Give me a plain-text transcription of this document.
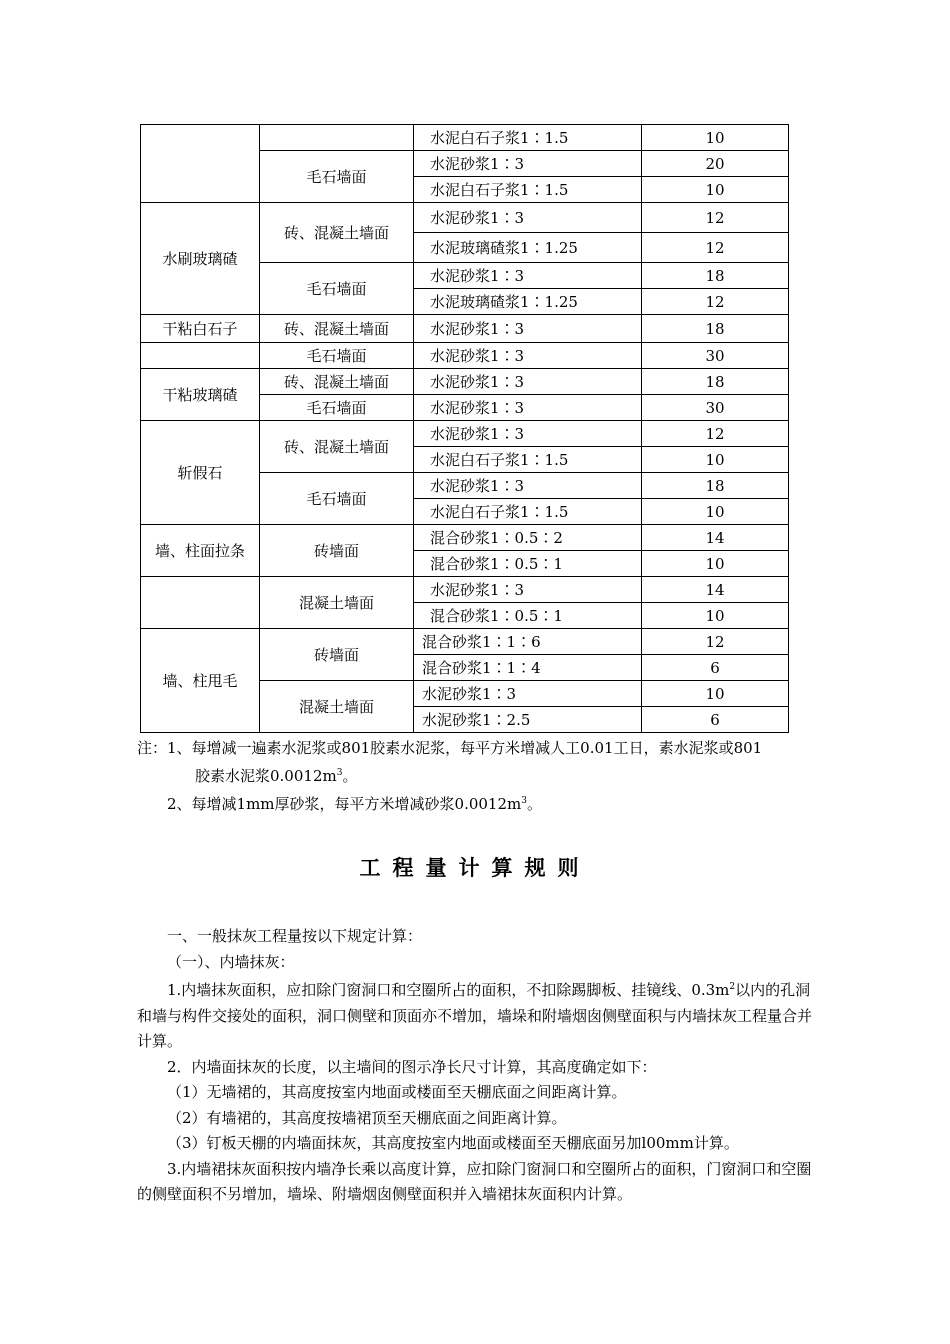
		水泥白石子浆1∶1.5	10
	毛石墙面	水泥砂浆1∶3	20
		水泥白石子浆1∶1.5	10
水刷玻璃碴	砖、混凝土墙面	水泥砂浆1∶3	12
		水泥玻璃碴浆1∶1.25	12
	毛石墙面	水泥砂浆1∶3	18
		水泥玻璃碴浆1∶1.25	12
干粘白石子	砖、混凝土墙面	水泥砂浆1∶3	18
	毛石墙面	水泥砂浆1∶3	30
干粘玻璃碴	砖、混凝土墙面	水泥砂浆1∶3	18
	毛石墙面	水泥砂浆1∶3	30
斩假石	砖、混凝土墙面	水泥砂浆1∶3	12
		水泥白石子浆1∶1.5	10
	毛石墙面	水泥砂浆1∶3	18
		水泥白石子浆1∶1.5	10
墙、柱面拉条	砖墙面	混合砂浆1∶0.5∶2	14
		混合砂浆1∶0.5∶1	10
	混凝土墙面	水泥砂浆1∶3	14
		混合砂浆1∶0.5∶1	10
墙、柱甩毛	砖墙面	混合砂浆1∶1∶6	12
		混合砂浆1∶1∶4	6
	混凝土墙面	水泥砂浆1∶3	10
		水泥砂浆1∶2.5	6

注：1、每增减一遍素水泥浆或801胶素水泥浆，每平方米增减人工0.01工日，素水泥浆或801

胶素水泥浆$0.0012m^3$。

2、每增减1mm厚砂浆，每平方米增减砂浆$0.0012m^3$。

工程量计算规则

一、一般抹灰工程量按以下规定计算：

（一）、内墙抹灰：

1.内墙抹灰面积，应扣除门窗洞口和空圈所占的面积，不扣除踢脚板、挂镜线、$0.3m^2$以内的孔洞和墙与构件交接处的面积，洞口侧壁和顶面亦不增加，墙垛和附墙烟囱侧壁面积与内墙抹灰工程量合并计算。

2．内墙面抹灰的长度，以主墙间的图示净长尺寸计算，其高度确定如下：

（1）无墙裙的，其高度按室内地面或楼面至天棚底面之间距离计算。

（2）有墙裙的，其高度按墙裙顶至天棚底面之间距离计算。

（3）钉板天棚的内墙面抹灰，其高度按室内地面或楼面至天棚底面另加l00mm计算。

3.内墙裙抹灰面积按内墙净长乘以高度计算，应扣除门窗洞口和空圈所占的面积，门窗洞口和空圈的侧壁面积不另增加，墙垛、附墙烟囱侧壁面积并入墙裙抹灰面积内计算。
